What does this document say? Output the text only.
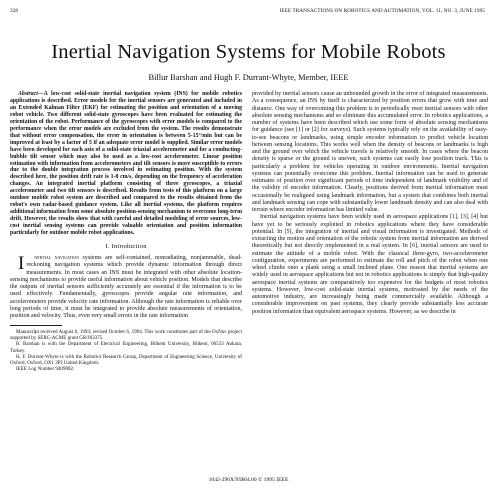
328	IEEE TRANSACTIONS ON ROBOTICS AND AUTOMATION, VOL. 11, NO. 3, JUNE 1995
Inertial Navigation Systems for Mobile Robots
Billur Barshan and Hugh F. Durrant-Whyte, Member, IEEE

Abstract—A low-cost solid-state inertial navigation system (INS) for mobile robotics applications is described. Error models for the inertial sensors are generated and included in an Extended Kalman Filter (EKF) for estimating the position and orientation of a moving robot vehicle. Two different solid-state gyroscopes have been evaluated for estimating the orientation of the robot. Performance of the gyroscopes with error models is compared to the performance when the error models are excluded from the system. The results demonstrate that without error compensation, the error in orientation is between 5-15°/min but can be improved at least by a factor of 5 if an adequate error model is supplied. Similar error models have been developed for each axis of a solid-state triaxial accelerometer and for a conducting-bubble tilt sensor which may also be used as a low-cost accelerometer. Linear position estimation with information from accelerometers and tilt sensors is more susceptible to errors due to the double integration process involved in estimating position. With the system described here, the position drift rate is 1-8 cm/s, depending on the frequency of acceleration changes. An integrated inertial platform consisting of three gyroscopes, a triaxial accelerometer and two tilt sensors is described. Results from tests of this platform on a large outdoor mobile robot system are described and compared to the results obtained from the robot's own radar-based guidance system. Like all inertial systems, the platform requires additional information from some absolute position-sensing mechanism to overcome long-term drift. However, the results show that with careful and detailed modeling of error sources, low-cost inertial sensing systems can provide valuable orientation and position information particularly for outdoor mobile robot applications.

I. Introduction

I	nertial navigation systems are self-contained, nonradiating, nonjammable, dead-reckoning navigation systems which provide dynamic information through direct measurements. In most cases an INS must be integrated with other absolute location-sensing mechanisms to provide useful information about vehicle position. Models that describe the outputs of inertial sensors sufficiently accurately are essential if the information is to be used effectively. Fundamentally, gyroscopes provide angular rate information, and accelerometers provide velocity rate information. Although the rate information is reliable over long periods of time, it must be integrated to provide absolute measurements of orientation, position and velocity. Thus, even very small errors in the rate information

Manuscript received August 6, 1993; revised October 6, 1994. This work constitutes part of the OxNav project supported by SERC-ACME grant GR/J63375.

B. Barshan is with the Department of Electrical Engineering, Bilkent University, Bilkent, 06533 Ankara, Turkey.

H. F. Durrant-Whyte is with the Robotics Research Group, Department of Engineering Science, University of Oxford, Oxford, OX1 3PJ United Kingdom.

IEEE Log Number 9409082.

provided by inertial sensors cause an unbounded growth in the error of integrated measurements. As a consequence, an INS by itself is characterized by position errors that grow with time and distance. One way of overcoming this problem is to periodically reset inertial sensors with other absolute sensing mechanisms and so eliminate this accumulated error. In robotics applications, a number of systems have been described which use some form of absolute sensing mechanisms for guidance (see [1] or [2] for surveys). Such systems typically rely on the availability of easy-to-see beacons or landmarks, using simple encoder information to predict vehicle location between sensing locations. This works well when the density of beacons or landmarks is high and the ground over which the vehicle travels is relatively smooth. In cases where the beacon density is sparse or the ground is uneven, such systems can easily lose position track. This is particularly a problem for vehicles operating in outdoor environments. Inertial navigation systems can potentially overcome this problem. Inertial information can be used to generate estimates of position over significant periods of time independent of landmark visibility and of the validity of encoder information. Clearly, positions derived from inertial information must occasionally be realigned using landmark information, but a system that combines both inertial and landmark sensing can cope with substantially lower landmark density and can also deal with terrain where encoder information has limited value.

Inertial navigation systems have been widely used in aerospace applications [1], [3], [4] but have yet to be seriously exploited in robotics applications where they have considerable potential. In [5], the integration of inertial and visual information is investigated. Methods of extracting the motion and orientation of the robotic system from inertial information are derived theoretically but not directly implemented in a real system. In [6], inertial sensors are used to estimate the attitude of a mobile robot. With the classical three-gyro, two-accelerometer configuration, experiments are performed to estimate the roll and pitch of the robot when one wheel climbs onto a plank using a small inclined plane. One reason that inertial systems are widely used in aerospace applications but not in robotics applications is simply that high-quality aerospace inertial systems are comparatively too expensive for the budgets of most robotics systems. However, low-cost solid-state inertial systems, motivated by the needs of the automotive industry, are increasingly being made commercially available. Although a considerable improvement on past systems, they clearly provide substantially less accurate position information than equivalent aerospace systems. However, as we describe in

1042-296X/95$04.00 © 1995 IEEE
